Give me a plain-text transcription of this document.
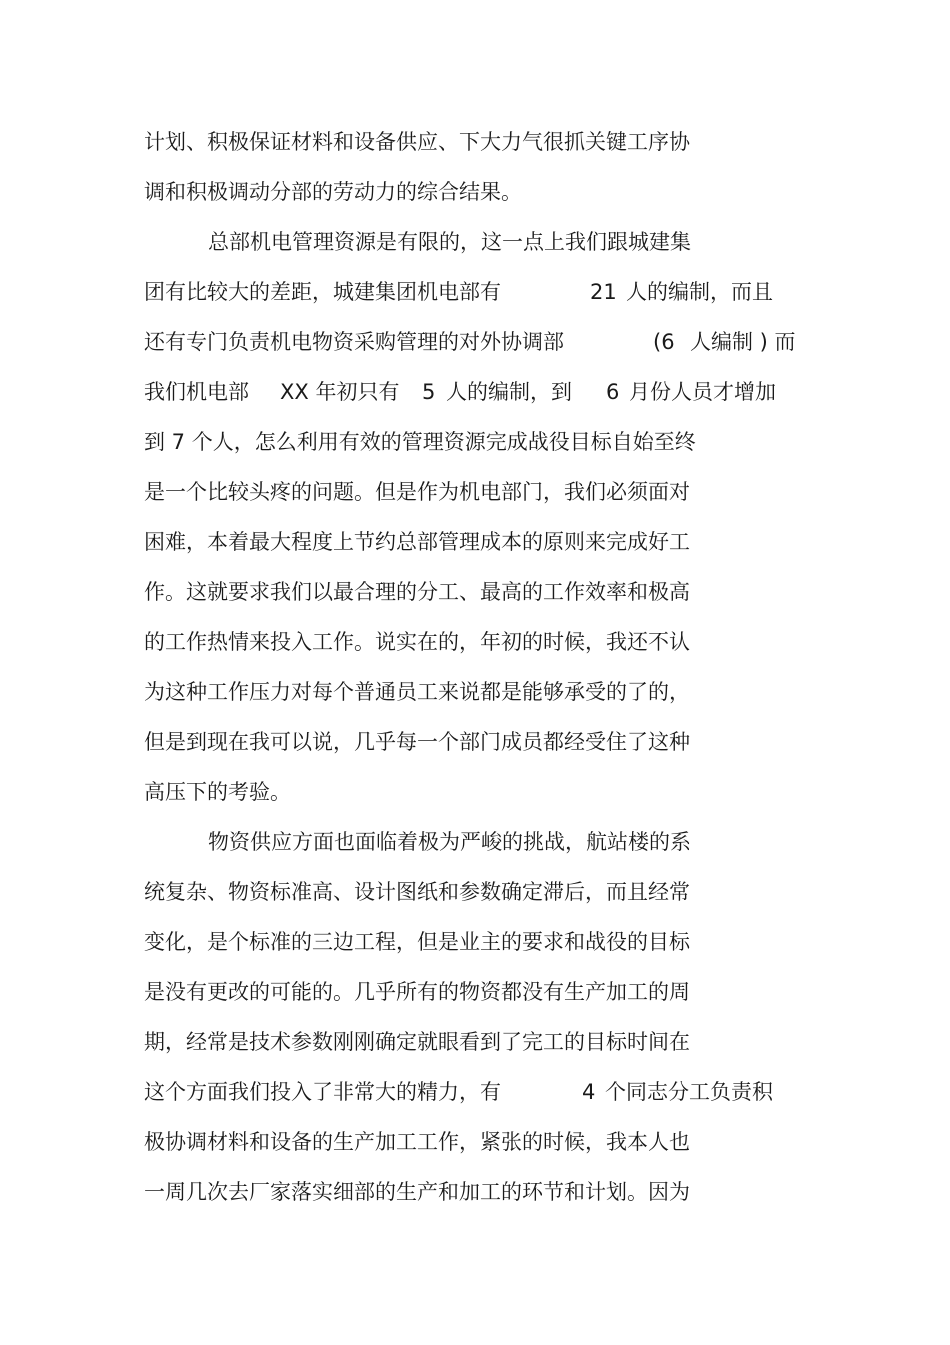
计划、积极保证材料和设备供应、下大力气很抓关键工序协
调和积极调动分部的劳动力的综合结果。
总部机电管理资源是有限的，这一点上我们跟城建集
团有比较大的差距，城建集团机电部有	21 人的编制，而且
还有专门负责机电物资采购管理的对外协调部	(6 人编制 ) 而
我们机电部 XX 年初只有 5 人的编制，到 6 月份人员才增加
到 7 个人，怎么利用有效的管理资源完成战役目标自始至终
是一个比较头疼的问题。但是作为机电部门，我们必须面对
困难，本着最大程度上节约总部管理成本的原则来完成好工
作。这就要求我们以最合理的分工、最高的工作效率和极高
的工作热情来投入工作。说实在的，年初的时候，我还不认
为这种工作压力对每个普通员工来说都是能够承受的了的，
但是到现在我可以说，几乎每一个部门成员都经受住了这种
高压下的考验。
物资供应方面也面临着极为严峻的挑战，航站楼的系
统复杂、物资标准高、设计图纸和参数确定滞后，而且经常
变化，是个标准的三边工程，但是业主的要求和战役的目标
是没有更改的可能的。几乎所有的物资都没有生产加工的周
期，经常是技术参数刚刚确定就眼看到了完工的目标时间在
这个方面我们投入了非常大的精力，有	4 个同志分工负责积
极协调材料和设备的生产加工工作，紧张的时候，我本人也
一周几次去厂家落实细部的生产和加工的环节和计划。因为
